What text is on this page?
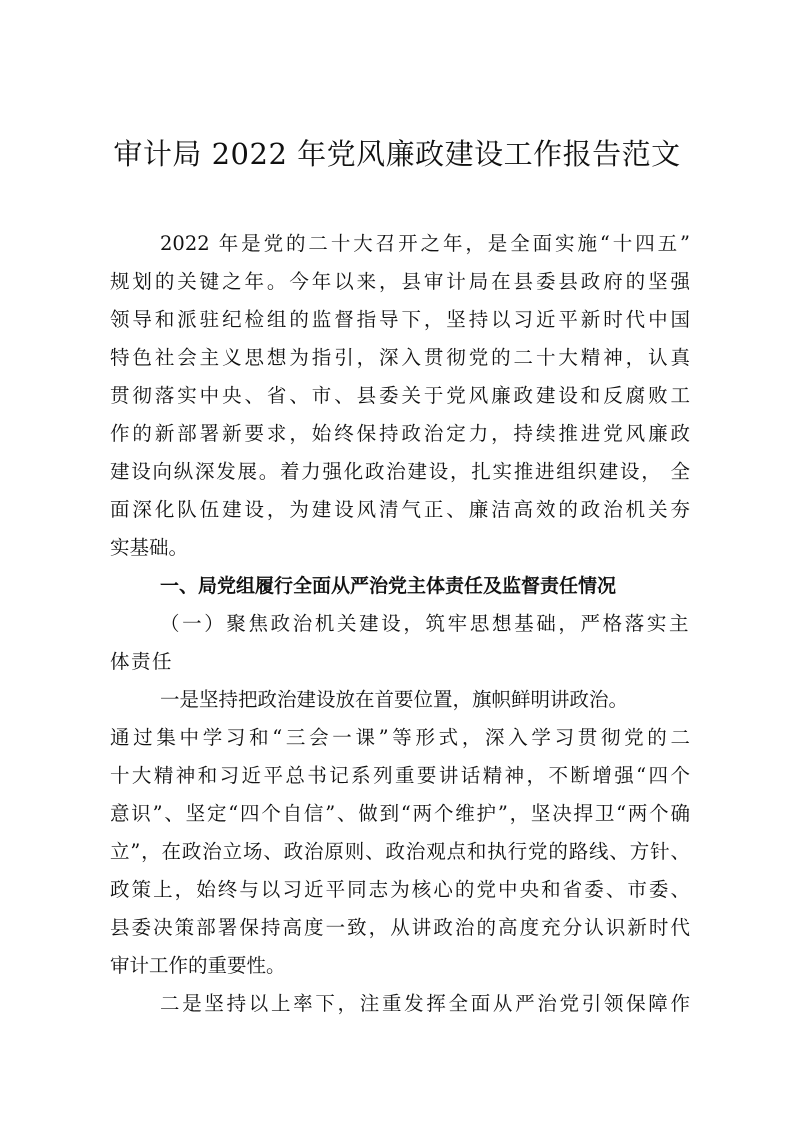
审计局 2022 年党风廉政建设工作报告范文
2022 年是党的二十大召开之年，是全面实施“十四五”
规划的关键之年。今年以来，县审计局在县委县政府的坚强
领导和派驻纪检组的监督指导下，坚持以习近平新时代中国
特色社会主义思想为指引，深入贯彻党的二十大精神，认真
贯彻落实中央、省、市、县委关于党风廉政建设和反腐败工
作的新部署新要求，始终保持政治定力，持续推进党风廉政
建设向纵深发展。着力强化政治建设，扎实推进组织建设， 全
面深化队伍建设，为建设风清气正、廉洁高效的政治机关夯
实基础。
一、局党组履行全面从严治党主体责任及监督责任情况
（一）聚焦政治机关建设，筑牢思想基础，严格落实主
体责任
一是坚持把政治建设放在首要位置，旗帜鲜明讲政治。
通过集中学习和“三会一课”等形式，深入学习贯彻党的二
十大精神和习近平总书记系列重要讲话精神，不断增强“四个
意识”、坚定“四个自信”、做到“两个维护”，坚决捍卫“两个确
立”，在政治立场、政治原则、政治观点和执行党的路线、方针、
政策上，始终与以习近平同志为核心的党中央和省委、市委、
县委决策部署保持高度一致，从讲政治的高度充分认识新时代
审计工作的重要性。
二是坚持以上率下，注重发挥全面从严治党引领保障作
